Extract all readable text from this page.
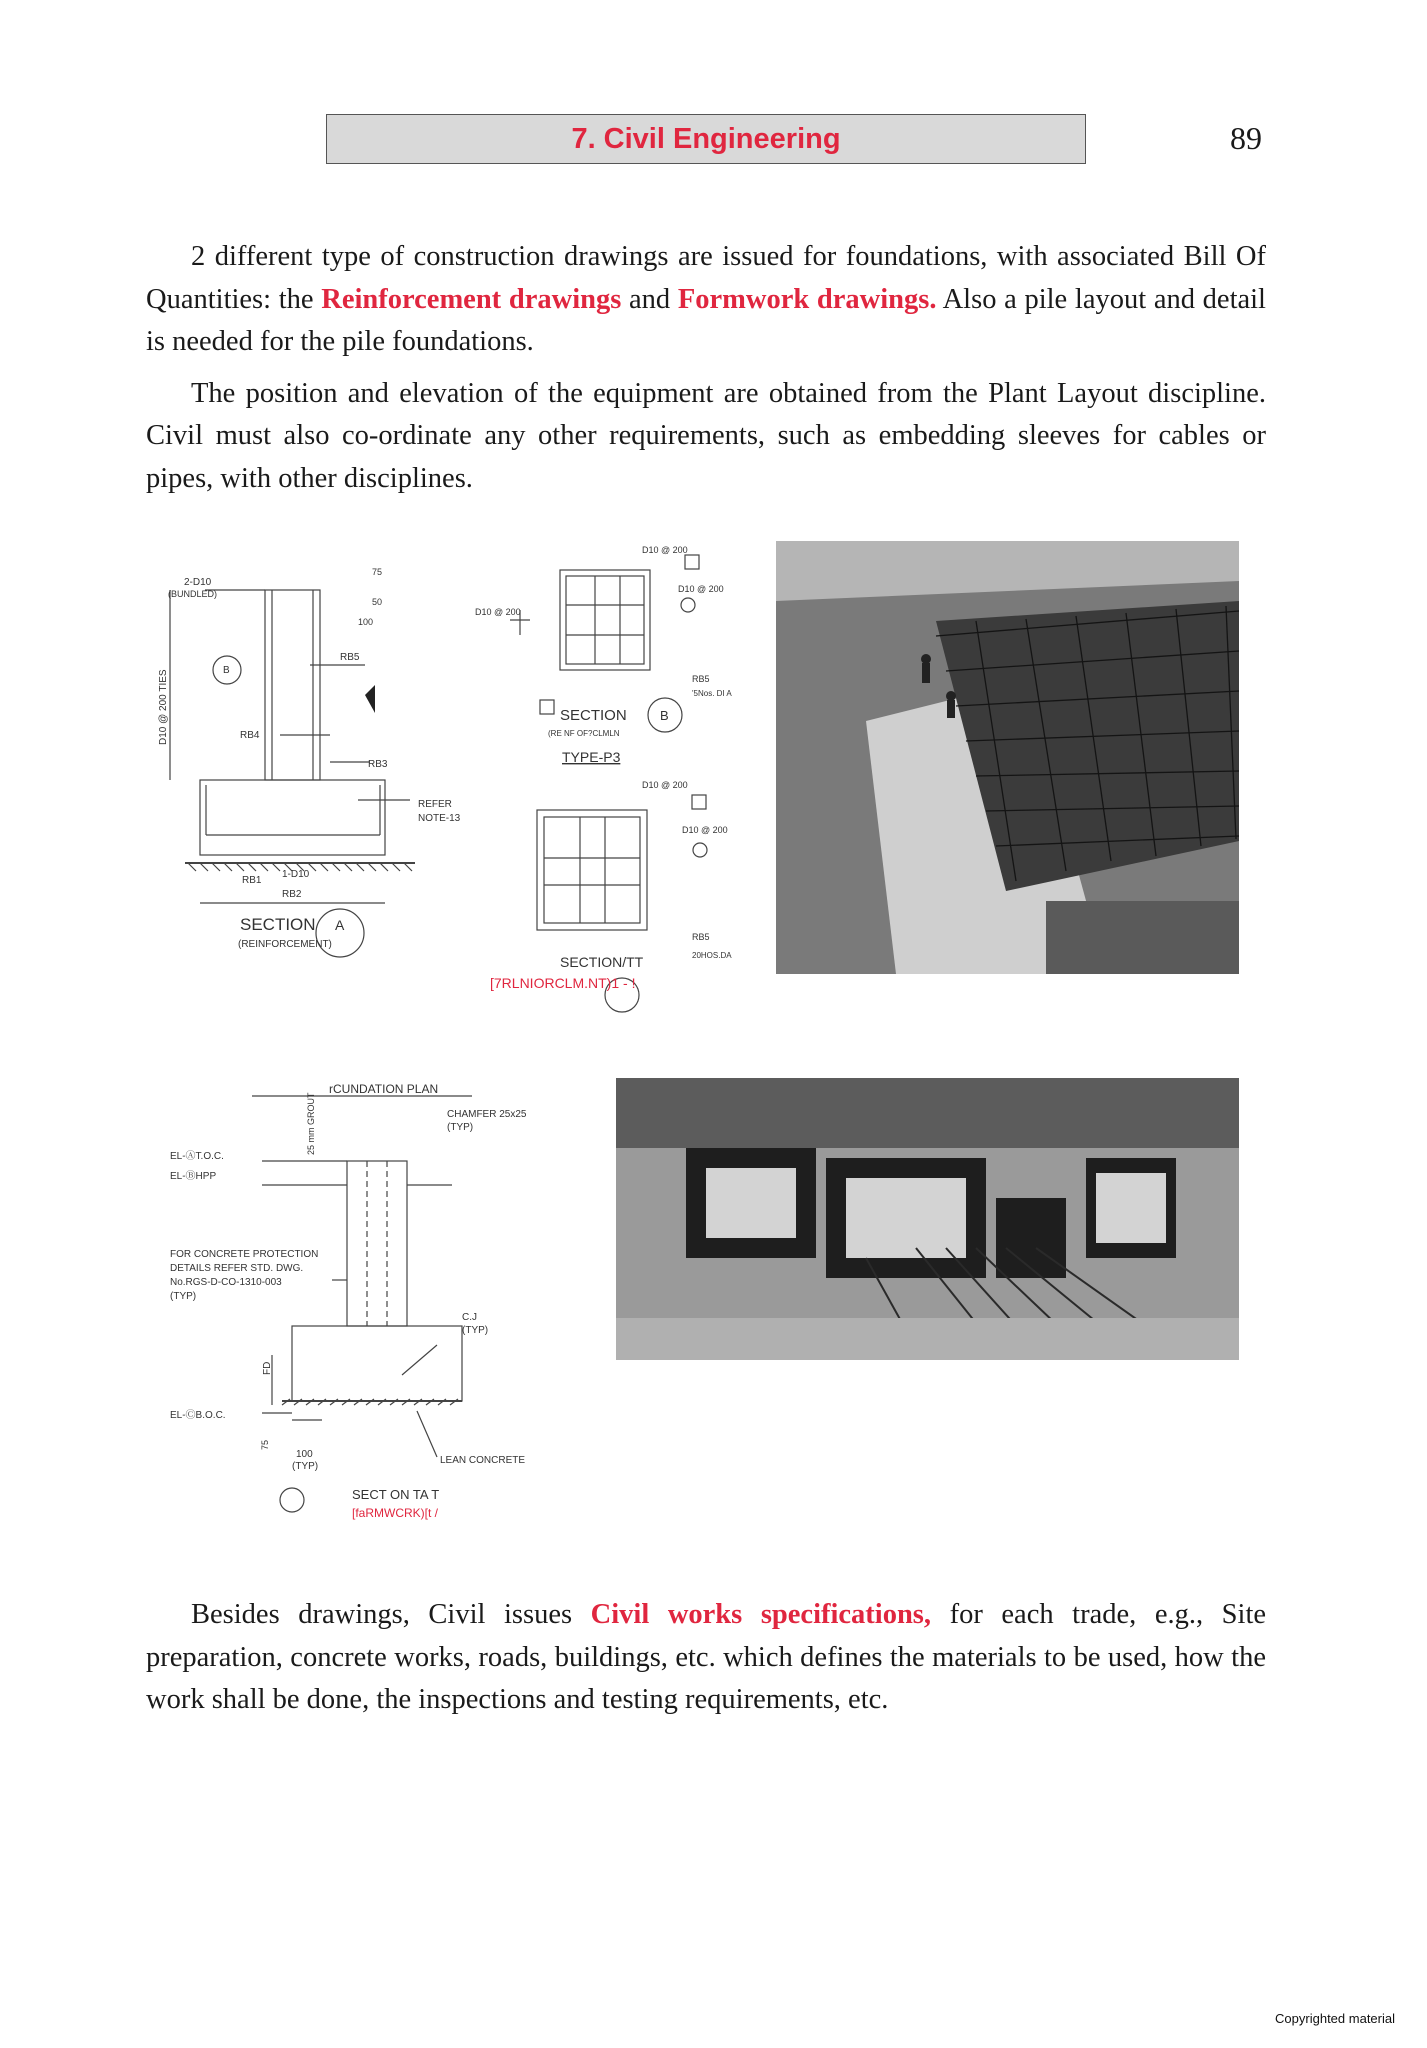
7. Civil Engineering	89

2 different type of construction drawings are issued for foundations, with associated Bill Of Quantities: the Reinforcement drawings and Formwork drawings. Also a pile layout and detail is needed for the pile foundations.

The position and elevation of the equipment are obtained from the Plant Layout discipline. Civil must also co-ordinate any other requirements, such as embedding sleeves for cables or pipes, with other disciplines.

2-D10
(BUNDLED)
75
50
100
D10 @ 200 TIES
RB5
RB4
RB3
REFER
NOTE-13
RB1
1-D10
RB2
SECTION
(REINFORCEMENT)
A
B
D10 @ 200
D10 @ 200
D10 @ 200
RB5
'5Nos. DI A
SECTION	B
(RE NF OF?CLMLN
TYPE-P3
D10 @ 200
D10 @ 200
RB5
20HOS.DA
SECTION/TT
[7RLNIORCLM.NT)1 - !
rCUNDATION PLAN
25 mm GROUT	CHAMFER 25x25
(TYP)
EL-ⒶT.O.C.
EL-ⒷHPP
FOR CONCRETE PROTECTION
DETAILS REFER STD. DWG.
No.RGS-D-CO-1310-003
(TYP)
C.J
(TYP)
FD
EL-ⒸB.O.C.
75
100
(TYP)
LEAN CONCRETE
SECT ON TA T
[faRMWCRK)[t /

Besides drawings, Civil issues Civil works specifications, for each trade, e.g., Site preparation, concrete works, roads, buildings, etc. which defines the materials to be used, how the work shall be done, the inspections and testing requirements, etc.

Copyrighted material
